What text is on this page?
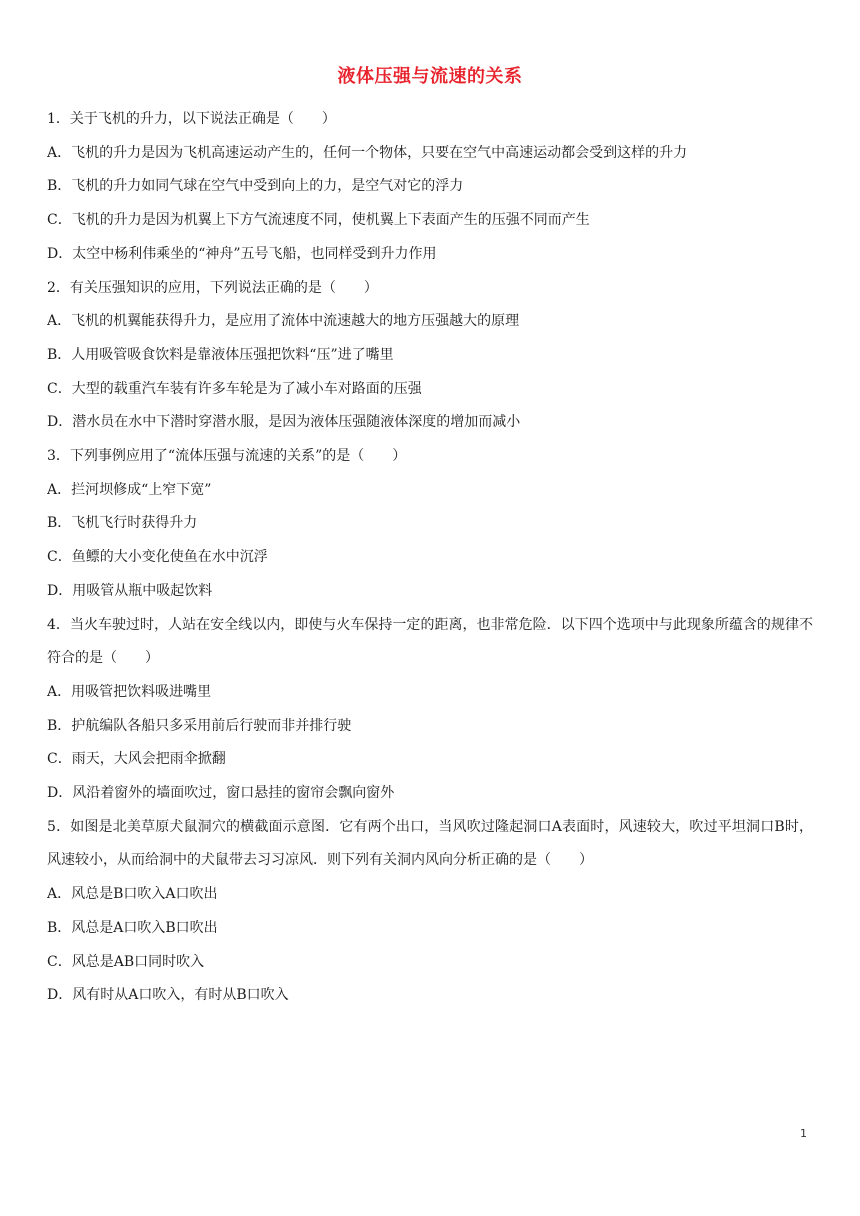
液体压强与流速的关系
1．关于飞机的升力，以下说法正确是（　　）
A．飞机的升力是因为飞机高速运动产生的，任何一个物体，只要在空气中高速运动都会受到这样的升力
B．飞机的升力如同气球在空气中受到向上的力，是空气对它的浮力
C．飞机的升力是因为机翼上下方气流速度不同，使机翼上下表面产生的压强不同而产生
D．太空中杨利伟乘坐的“神舟”五号飞船，也同样受到升力作用
2．有关压强知识的应用，下列说法正确的是（　　）
A．飞机的机翼能获得升力，是应用了流体中流速越大的地方压强越大的原理
B．人用吸管吸食饮料是靠液体压强把饮料“压”进了嘴里
C．大型的载重汽车装有许多车轮是为了减小车对路面的压强
D．潜水员在水中下潜时穿潜水服，是因为液体压强随液体深度的增加而减小
3．下列事例应用了“流体压强与流速的关系”的是（　　）
A．拦河坝修成“上窄下宽”
B．飞机飞行时获得升力
C．鱼鳔的大小变化使鱼在水中沉浮
D．用吸管从瓶中吸起饮料
4．当火车驶过时，人站在安全线以内，即使与火车保持一定的距离，也非常危险．以下四个选项中与此现象所蕴含的规律不符合的是（　　）
A．用吸管把饮料吸进嘴里
B．护航编队各船只多采用前后行驶而非并排行驶
C．雨天，大风会把雨伞掀翻
D．风沿着窗外的墙面吹过，窗口悬挂的窗帘会飘向窗外
5．如图是北美草原犬鼠洞穴的横截面示意图．它有两个出口，当风吹过隆起洞口A表面时，风速较大，吹过平坦洞口B时，风速较小，从而给洞中的犬鼠带去习习凉风．则下列有关洞内风向分析正确的是（　　）
A．风总是B口吹入A口吹出
B．风总是A口吹入B口吹出
C．风总是AB口同时吹入
D．风有时从A口吹入，有时从B口吹入
1
